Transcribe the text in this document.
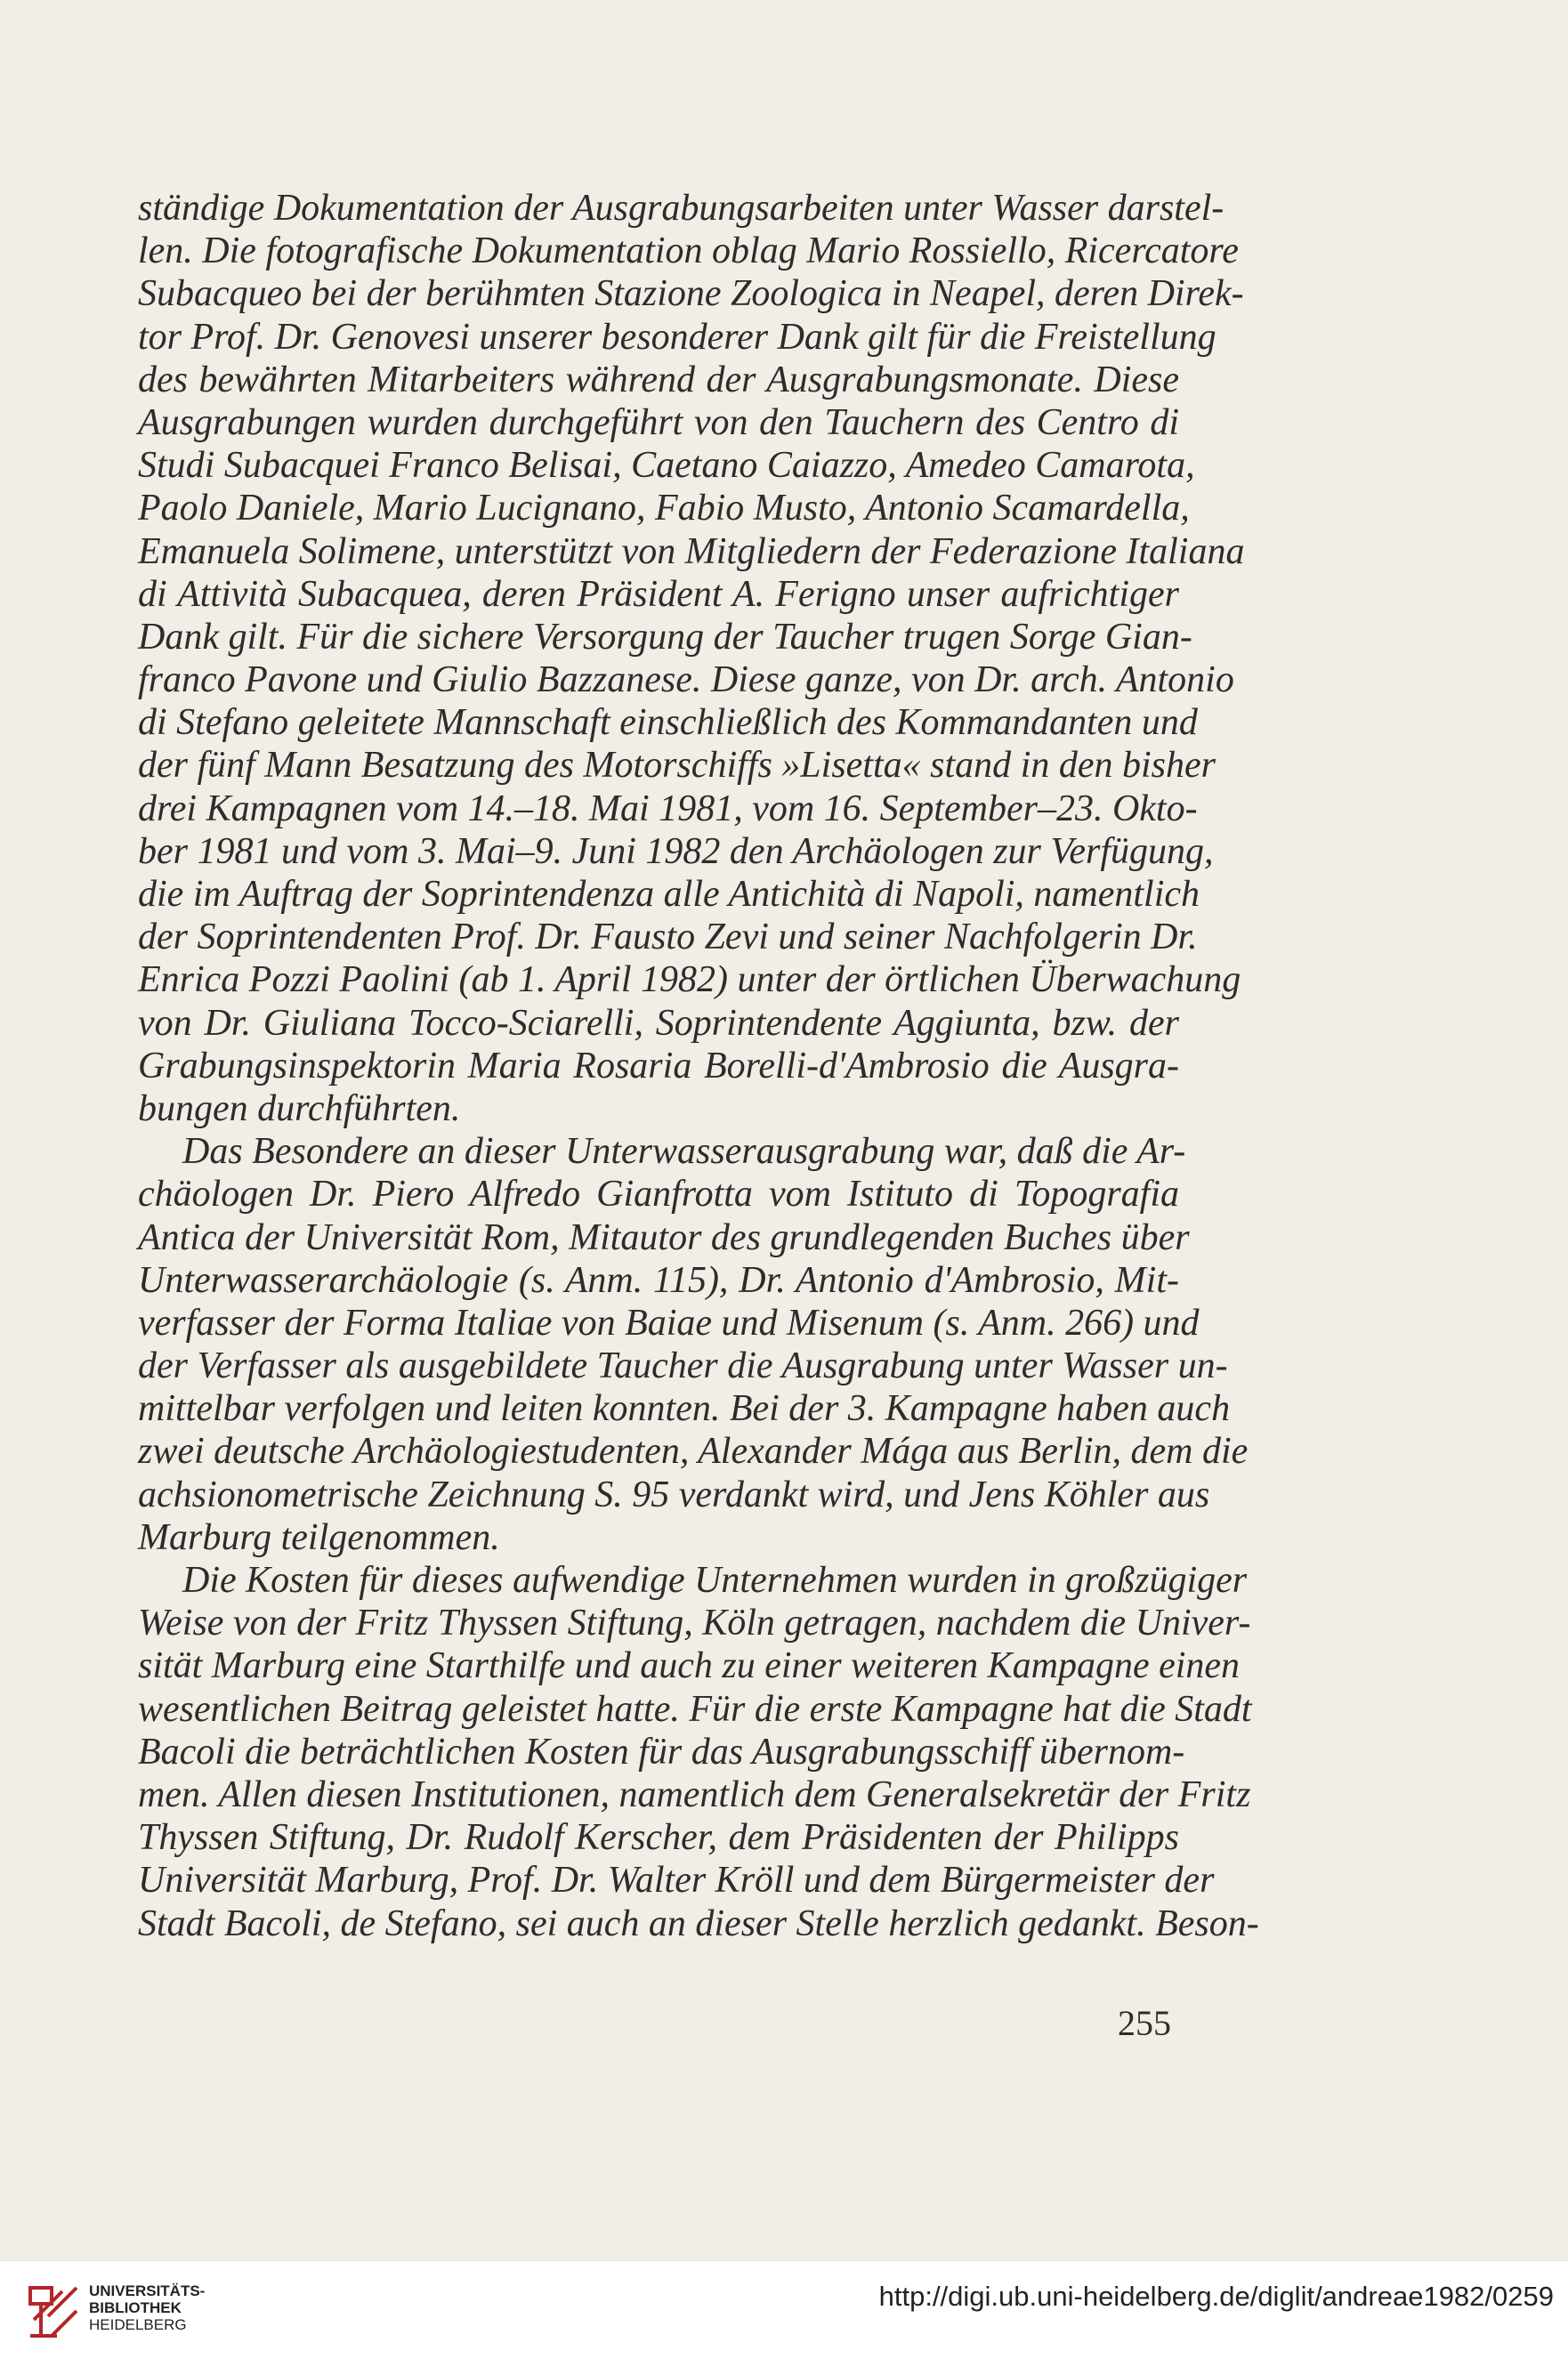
ständige Dokumentation der Ausgrabungsarbeiten unter Wasser darstel-
len. Die fotografische Dokumentation oblag Mario Rossiello, Ricercatore
Subacqueo bei der berühmten Stazione Zoologica in Neapel, deren Direk-
tor Prof. Dr. Genovesi unserer besonderer Dank gilt für die Freistellung
des bewährten Mitarbeiters während der Ausgrabungsmonate. Diese
Ausgrabungen wurden durchgeführt von den Tauchern des Centro di
Studi Subacquei Franco Belisai, Caetano Caiazzo, Amedeo Camarota,
Paolo Daniele, Mario Lucignano, Fabio Musto, Antonio Scamardella,
Emanuela Solimene, unterstützt von Mitgliedern der Federazione Italiana
di Attività Subacquea, deren Präsident A. Ferigno unser aufrichtiger
Dank gilt. Für die sichere Versorgung der Taucher trugen Sorge Gian-
franco Pavone und Giulio Bazzanese. Diese ganze, von Dr. arch. Antonio
di Stefano geleitete Mannschaft einschließlich des Kommandanten und
der fünf Mann Besatzung des Motorschiffs »Lisetta« stand in den bisher
drei Kampagnen vom 14.–18. Mai 1981, vom 16. September–23. Okto-
ber 1981 und vom 3. Mai–9. Juni 1982 den Archäologen zur Verfügung,
die im Auftrag der Soprintendenza alle Antichità di Napoli, namentlich
der Soprintendenten Prof. Dr. Fausto Zevi und seiner Nachfolgerin Dr.
Enrica Pozzi Paolini (ab 1. April 1982) unter der örtlichen Überwachung
von Dr. Giuliana Tocco-Sciarelli, Soprintendente Aggiunta, bzw. der
Grabungsinspektorin Maria Rosaria Borelli-d'Ambrosio die Ausgra-
bungen durchführten.
Das Besondere an dieser Unterwasserausgrabung war, daß die Ar-
chäologen Dr. Piero Alfredo Gianfrotta vom Istituto di Topografia
Antica der Universität Rom, Mitautor des grundlegenden Buches über
Unterwasserarchäologie (s. Anm. 115), Dr. Antonio d'Ambrosio, Mit-
verfasser der Forma Italiae von Baiae und Misenum (s. Anm. 266) und
der Verfasser als ausgebildete Taucher die Ausgrabung unter Wasser un-
mittelbar verfolgen und leiten konnten. Bei der 3. Kampagne haben auch
zwei deutsche Archäologiestudenten, Alexander Mága aus Berlin, dem die
achsionometrische Zeichnung S. 95 verdankt wird, und Jens Köhler aus
Marburg teilgenommen.
Die Kosten für dieses aufwendige Unternehmen wurden in großzügiger
Weise von der Fritz Thyssen Stiftung, Köln getragen, nachdem die Univer-
sität Marburg eine Starthilfe und auch zu einer weiteren Kampagne einen
wesentlichen Beitrag geleistet hatte. Für die erste Kampagne hat die Stadt
Bacoli die beträchtlichen Kosten für das Ausgrabungsschiff übernom-
men. Allen diesen Institutionen, namentlich dem Generalsekretär der Fritz
Thyssen Stiftung, Dr. Rudolf Kerscher, dem Präsidenten der Philipps
Universität Marburg, Prof. Dr. Walter Kröll und dem Bürgermeister der
Stadt Bacoli, de Stefano, sei auch an dieser Stelle herzlich gedankt. Beson-
255
UNIVERSITÄTS-
BIBLIOTHEK
HEIDELBERG
http://digi.ub.uni-heidelberg.de/diglit/andreae1982/0259
